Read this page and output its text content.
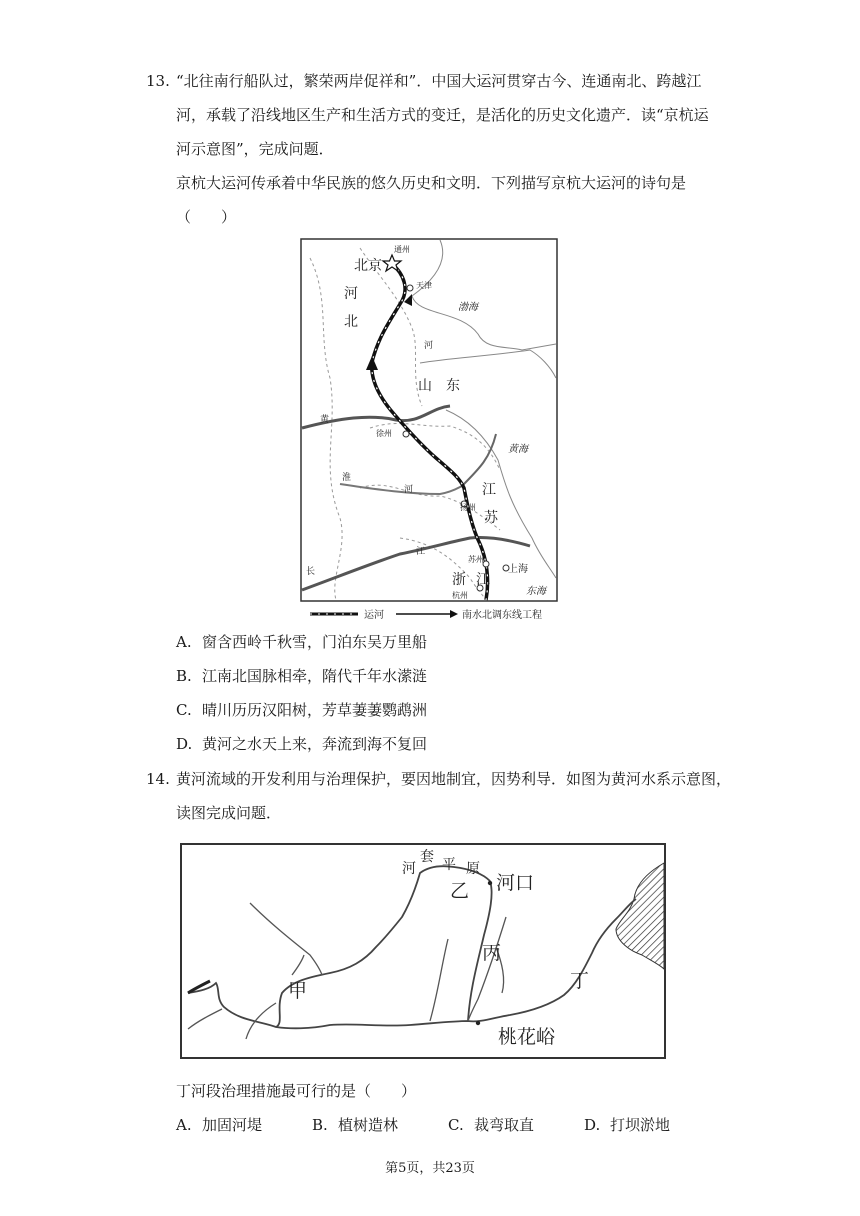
13. “北往南行船队过，繁荣两岸促祥和”．中国大运河贯穿古今、连通南北、跨越江
河，承载了沿线地区生产和生活方式的变迁，是活化的历史文化遗产．读“京杭运
河示意图”，完成问题．
京杭大运河传承着中华民族的悠久历史和文明．下列描写京杭大运河的诗句是
（　　）
北京
通州
天津
河
北
渤海
河
山 东
黄
黄海
徐州
淮
河	江
苏
扬州
江
长
苏州
浙 江
上海
杭州	东海
运河	南水北调东线工程
A. 窗含西岭千秋雪，门泊东吴万里船
B. 江南北国脉相牵，隋代千年水潆涟
C. 晴川历历汉阳树，芳草萋萋鹦鹉洲
D. 黄河之水天上来，奔流到海不复回
14. 黄河流域的开发利用与治理保护，要因地制宜，因势利导．如图为黄河水系示意图，
读图完成问题．
河
套 平 原
河口
乙
丙
甲	丁
桃花峪
丁河段治理措施最可行的是（　　）
A. 加固河堤	B. 植树造林	C. 裁弯取直	D. 打坝淤地
第5页，共23页
